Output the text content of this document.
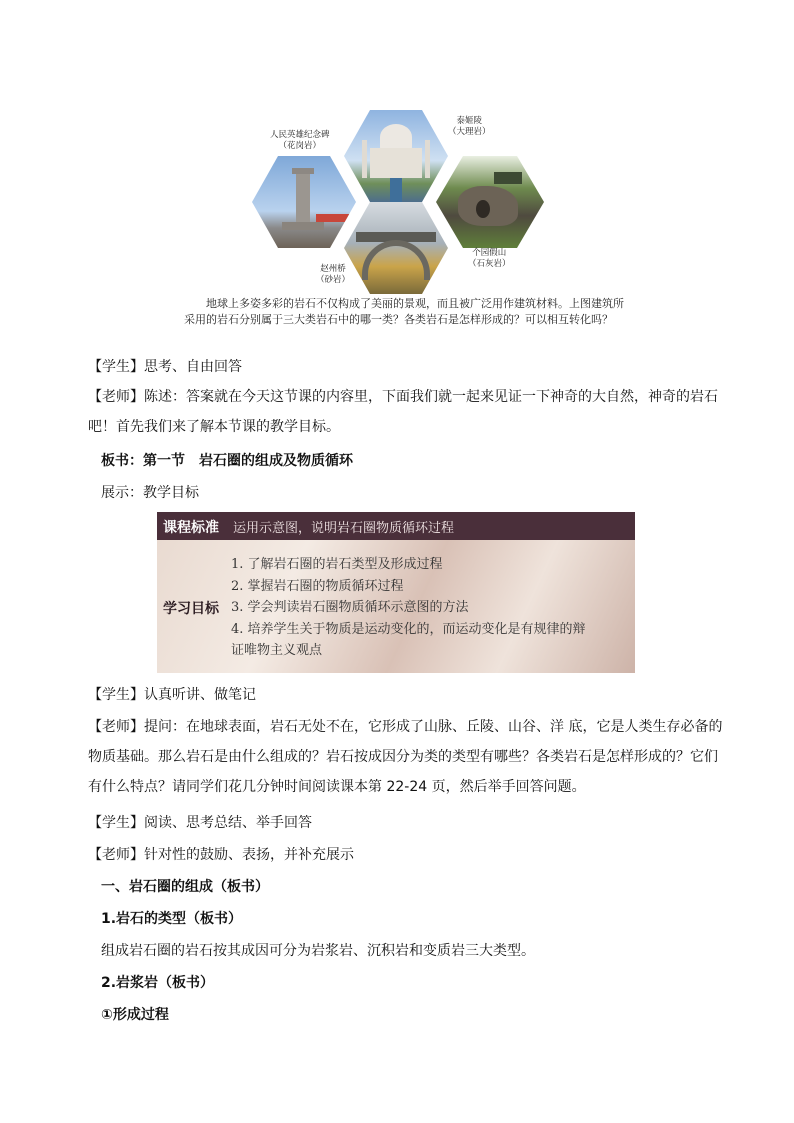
人民英雄纪念碑
（花岗岩）
泰姬陵
（大理岩）
赵州桥
（砂岩）
个园假山
（石灰岩）
地球上多姿多彩的岩石不仅构成了美丽的景观，而且被广泛用作建筑材料。上图建筑所采用的岩石分别属于三大类岩石中的哪一类？各类岩石是怎样形成的？可以相互转化吗？

【学生】思考、自由回答

【老师】陈述：答案就在今天这节课的内容里，下面我们就一起来见证一下神奇的大自然，神奇的岩石吧！首先我们来了解本节课的教学目标。

板书：第一节　岩石圈的组成及物质循环

展示：教学目标

课程标准 运用示意图，说明岩石圈物质循环过程
学习目标
1. 了解岩石圈的岩石类型及形成过程
2. 掌握岩石圈的物质循环过程
3. 学会判读岩石圈物质循环示意图的方法
4. 培养学生关于物质是运动变化的，而运动变化是有规律的辩
证唯物主义观点

【学生】认真听讲、做笔记

【老师】提问：在地球表面，岩石无处不在，它形成了山脉、丘陵、山谷、洋 底，它是人类生存必备的物质基础。那么岩石是由什么组成的？岩石按成因分为类的类型有哪些？各类岩石是怎样形成的？它们有什么特点？请同学们花几分钟时间阅读课本第 22-24 页，然后举手回答问题。

【学生】阅读、思考总结、举手回答

【老师】针对性的鼓励、表扬，并补充展示

一、岩石圈的组成（板书）

1.岩石的类型（板书）

组成岩石圈的岩石按其成因可分为岩浆岩、沉积岩和变质岩三大类型。

2.岩浆岩（板书）

①形成过程
